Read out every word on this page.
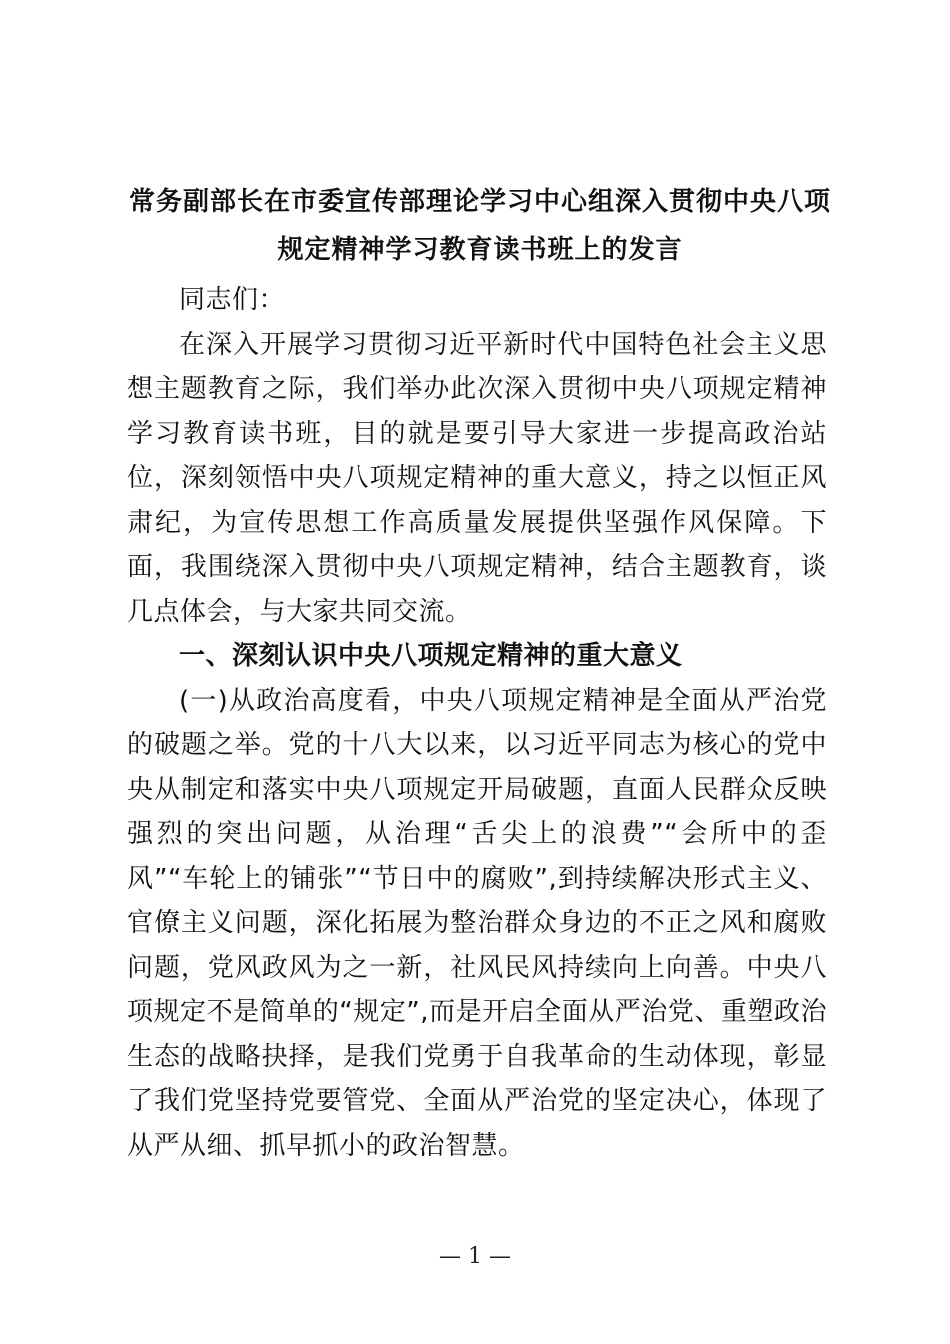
常务副部长在市委宣传部理论学习中心组深入贯彻中央八项规定精神学习教育读书班上的发言

同志们：

在深入开展学习贯彻习近平新时代中国特色社会主义思想主题教育之际，我们举办此次深入贯彻中央八项规定精神学习教育读书班，目的就是要引导大家进一步提高政治站位，深刻领悟中央八项规定精神的重大意义，持之以恒正风肃纪，为宣传思想工作高质量发展提供坚强作风保障。下面，我围绕深入贯彻中央八项规定精神，结合主题教育，谈几点体会，与大家共同交流。

一、深刻认识中央八项规定精神的重大意义

(一)从政治高度看，中央八项规定精神是全面从严治党的破题之举。党的十八大以来，以习近平同志为核心的党中央从制定和落实中央八项规定开局破题，直面人民群众反映强烈的突出问题，从治理“舌尖上的浪费”“会所中的歪风”“车轮上的铺张”“节日中的腐败”,到持续解决形式主义、官僚主义问题，深化拓展为整治群众身边的不正之风和腐败问题，党风政风为之一新，社风民风持续向上向善。中央八项规定不是简单的“规定”,而是开启全面从严治党、重塑政治生态的战略抉择，是我们党勇于自我革命的生动体现，彰显了我们党坚持党要管党、全面从严治党的坚定决心，体现了从严从细、抓早抓小的政治智慧。

— 1 —
